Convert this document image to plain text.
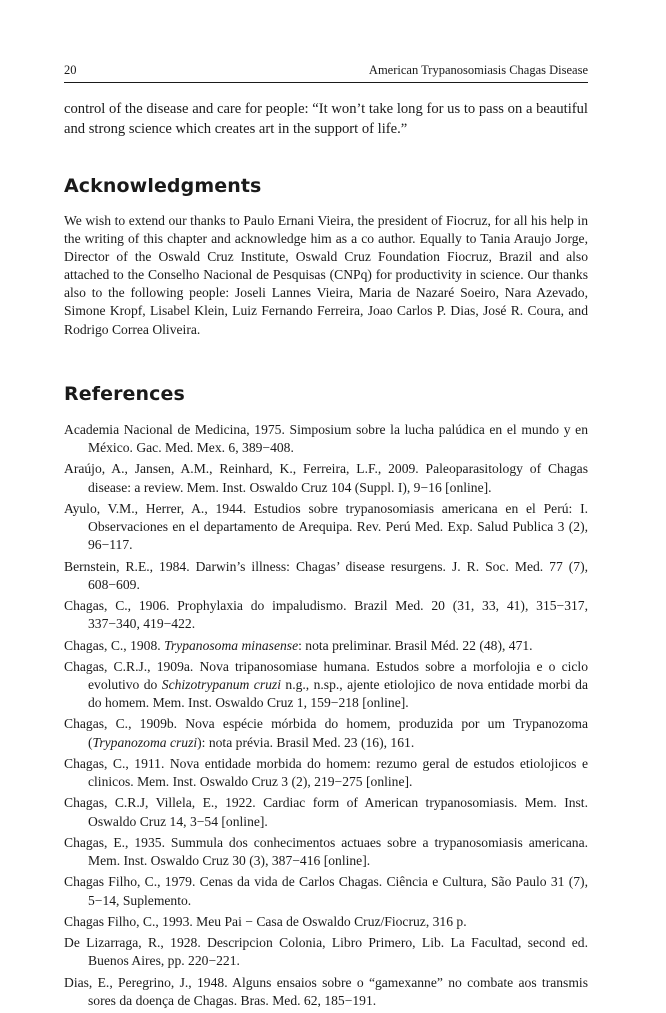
20	American Trypanosomiasis Chagas Disease

control of the disease and care for people: “It won’t take long for us to pass on a beautiful and strong science which creates art in the support of life.”

Acknowledgments

We wish to extend our thanks to Paulo Ernani Vieira, the president of Fiocruz, for all his help in the writing of this chapter and acknowledge him as a co author. Equally to Tania Araujo Jorge, Director of the Oswald Cruz Institute, Oswald Cruz Foundation Fiocruz, Brazil and also attached to the Conselho Nacional de Pesquisas (CNPq) for productivity in science. Our thanks also to the following people: Joseli Lannes Vieira, Maria de Nazaré Soeiro, Nara Azevado, Simone Kropf, Lisabel Klein, Luiz Fernando Ferreira, Joao Carlos P. Dias, José R. Coura, and Rodrigo Correa Oliveira.

References
Academia Nacional de Medicina, 1975. Simposium sobre la lucha palúdica en el mundo y en México. Gac. Med. Mex. 6, 389−408.
Araújo, A., Jansen, A.M., Reinhard, K., Ferreira, L.F., 2009. Paleoparasitology of Chagas disease: a review. Mem. Inst. Oswaldo Cruz 104 (Suppl. I), 9−16 [online].
Ayulo, V.M., Herrer, A., 1944. Estudios sobre trypanosomiasis americana en el Perú: I. Observaciones en el departamento de Arequipa. Rev. Perú Med. Exp. Salud Publica 3 (2), 96−117.
Bernstein, R.E., 1984. Darwin’s illness: Chagas’ disease resurgens. J. R. Soc. Med. 77 (7), 608−609.
Chagas, C., 1906. Prophylaxia do impaludismo. Brazil Med. 20 (31, 33, 41), 315−317, 337−340, 419−422.
Chagas, C., 1908. Trypanosoma minasense: nota preliminar. Brasil Méd. 22 (48), 471.
Chagas, C.R.J., 1909a. Nova tripanosomiase humana. Estudos sobre a morfolojia e o ciclo evolutivo do Schizotrypanum cruzi n.g., n.sp., ajente etiolojico de nova entidade morbi da do homem. Mem. Inst. Oswaldo Cruz 1, 159−218 [online].
Chagas, C., 1909b. Nova espécie mórbida do homem, produzida por um Trypanozoma (Trypanozoma cruzi): nota prévia. Brasil Med. 23 (16), 161.
Chagas, C., 1911. Nova entidade morbida do homem: rezumo geral de estudos etiolojicos e clinicos. Mem. Inst. Oswaldo Cruz 3 (2), 219−275 [online].
Chagas, C.R.J, Villela, E., 1922. Cardiac form of American trypanosomiasis. Mem. Inst. Oswaldo Cruz 14, 3−54 [online].
Chagas, E., 1935. Summula dos conhecimentos actuaes sobre a trypanosomiasis americana. Mem. Inst. Oswaldo Cruz 30 (3), 387−416 [online].
Chagas Filho, C., 1979. Cenas da vida de Carlos Chagas. Ciência e Cultura, São Paulo 31 (7), 5−14, Suplemento.
Chagas Filho, C., 1993. Meu Pai − Casa de Oswaldo Cruz/Fiocruz, 316 p.
De Lizarraga, R., 1928. Descripcion Colonia, Libro Primero, Lib. La Facultad, second ed. Buenos Aires, pp. 220−221.
Dias, E., Peregrino, J., 1948. Alguns ensaios sobre o “gamexanne” no combate aos transmis sores da doença de Chagas. Bras. Med. 62, 185−191.
